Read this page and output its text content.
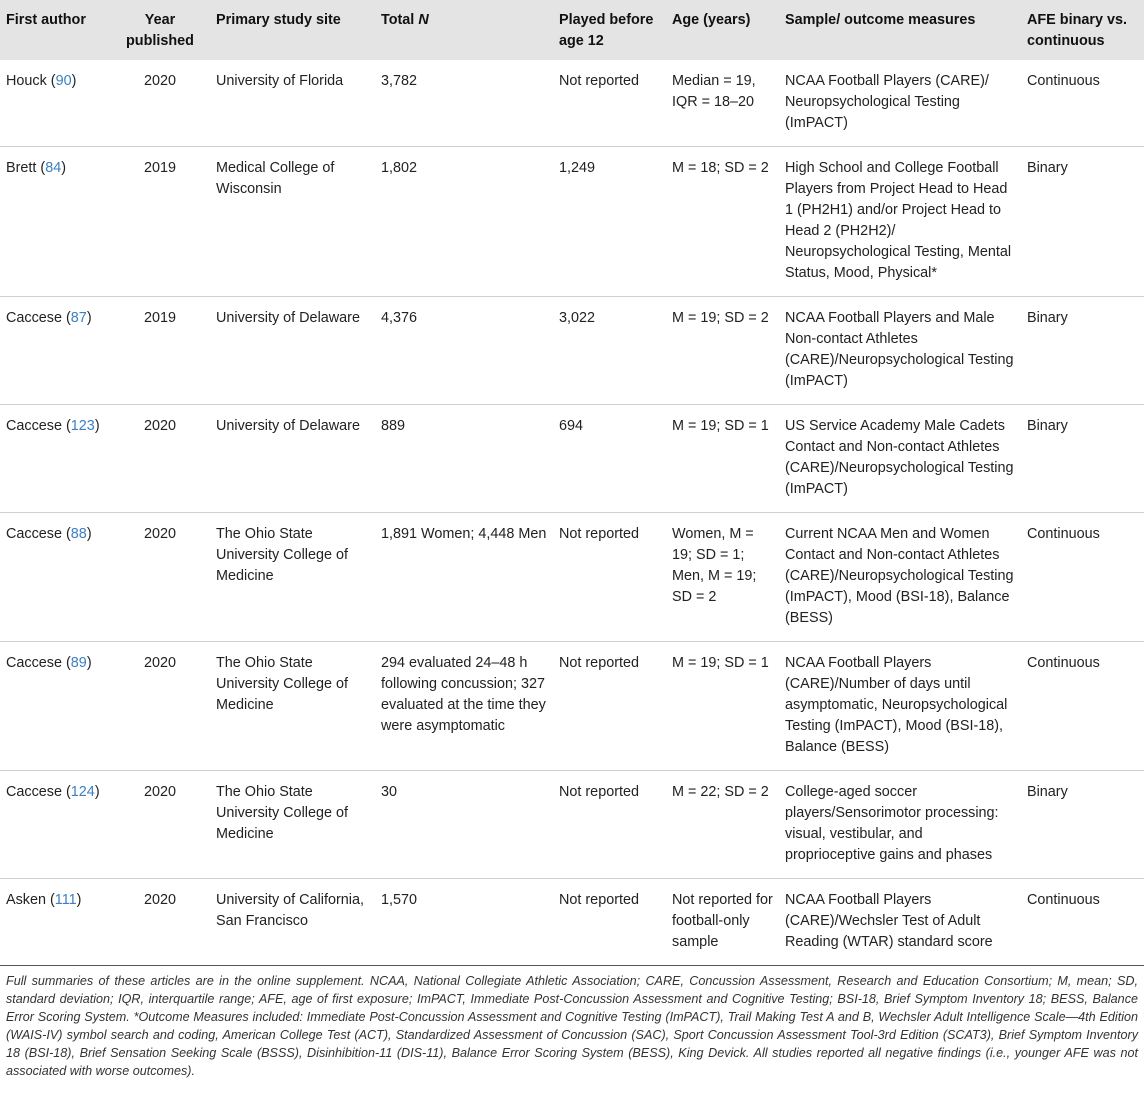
First author	Year published	Primary study site	Total N	Played before age 12	Age (years)	Sample/ outcome measures	AFE binary vs. continuous
Houck (90)	2020	University of Florida	3,782	Not reported	Median = 19, IQR = 18–20	NCAA Football Players (CARE)/ Neuropsychological Testing (ImPACT)	Continuous
Brett (84)	2019	Medical College of Wisconsin	1,802	1,249	M = 18; SD = 2	High School and College Football Players from Project Head to Head 1 (PH2H1) and/or Project Head to Head 2 (PH2H2)/ Neuropsychological Testing, Mental Status, Mood, Physical*	Binary
Caccese (87)	2019	University of Delaware	4,376	3,022	M = 19; SD = 2	NCAA Football Players and Male Non-contact Athletes (CARE)/Neuropsychological Testing (ImPACT)	Binary
Caccese (123)	2020	University of Delaware	889	694	M = 19; SD = 1	US Service Academy Male Cadets Contact and Non-contact Athletes (CARE)/Neuropsychological Testing (ImPACT)	Binary
Caccese (88)	2020	The Ohio State University College of Medicine	1,891 Women; 4,448 Men	Not reported	Women, M = 19; SD = 1; Men, M = 19; SD = 2	Current NCAA Men and Women Contact and Non-contact Athletes (CARE)/Neuropsychological Testing (ImPACT), Mood (BSI-18), Balance (BESS)	Continuous
Caccese (89)	2020	The Ohio State University College of Medicine	294 evaluated 24–48 h following concussion; 327 evaluated at the time they were asymptomatic	Not reported	M = 19; SD = 1	NCAA Football Players (CARE)/Number of days until asymptomatic, Neuropsychological Testing (ImPACT), Mood (BSI-18), Balance (BESS)	Continuous
Caccese (124)	2020	The Ohio State University College of Medicine	30	Not reported	M = 22; SD = 2	College-aged soccer players/Sensorimotor processing: visual, vestibular, and proprioceptive gains and phases	Binary
Asken (111)	2020	University of California, San Francisco	1,570	Not reported	Not reported for football-only sample	NCAA Football Players (CARE)/Wechsler Test of Adult Reading (WTAR) standard score	Continuous
Full summaries of these articles are in the online supplement. NCAA, National Collegiate Athletic Association; CARE, Concussion Assessment, Research and Education Consortium; M, mean; SD, standard deviation; IQR, interquartile range; AFE, age of first exposure; ImPACT, Immediate Post-Concussion Assessment and Cognitive Testing; BSI-18, Brief Symptom Inventory 18; BESS, Balance Error Scoring System. *Outcome Measures included: Immediate Post-Concussion Assessment and Cognitive Testing (ImPACT), Trail Making Test A and B, Wechsler Adult Intelligence Scale—4th Edition (WAIS-IV) symbol search and coding, American College Test (ACT), Standardized Assessment of Concussion (SAC), Sport Concussion Assessment Tool-3rd Edition (SCAT3), Brief Symptom Inventory 18 (BSI-18), Brief Sensation Seeking Scale (BSSS), Disinhibition-11 (DIS-11), Balance Error Scoring System (BESS), King Devick. All studies reported all negative findings (i.e., younger AFE was not associated with worse outcomes).
